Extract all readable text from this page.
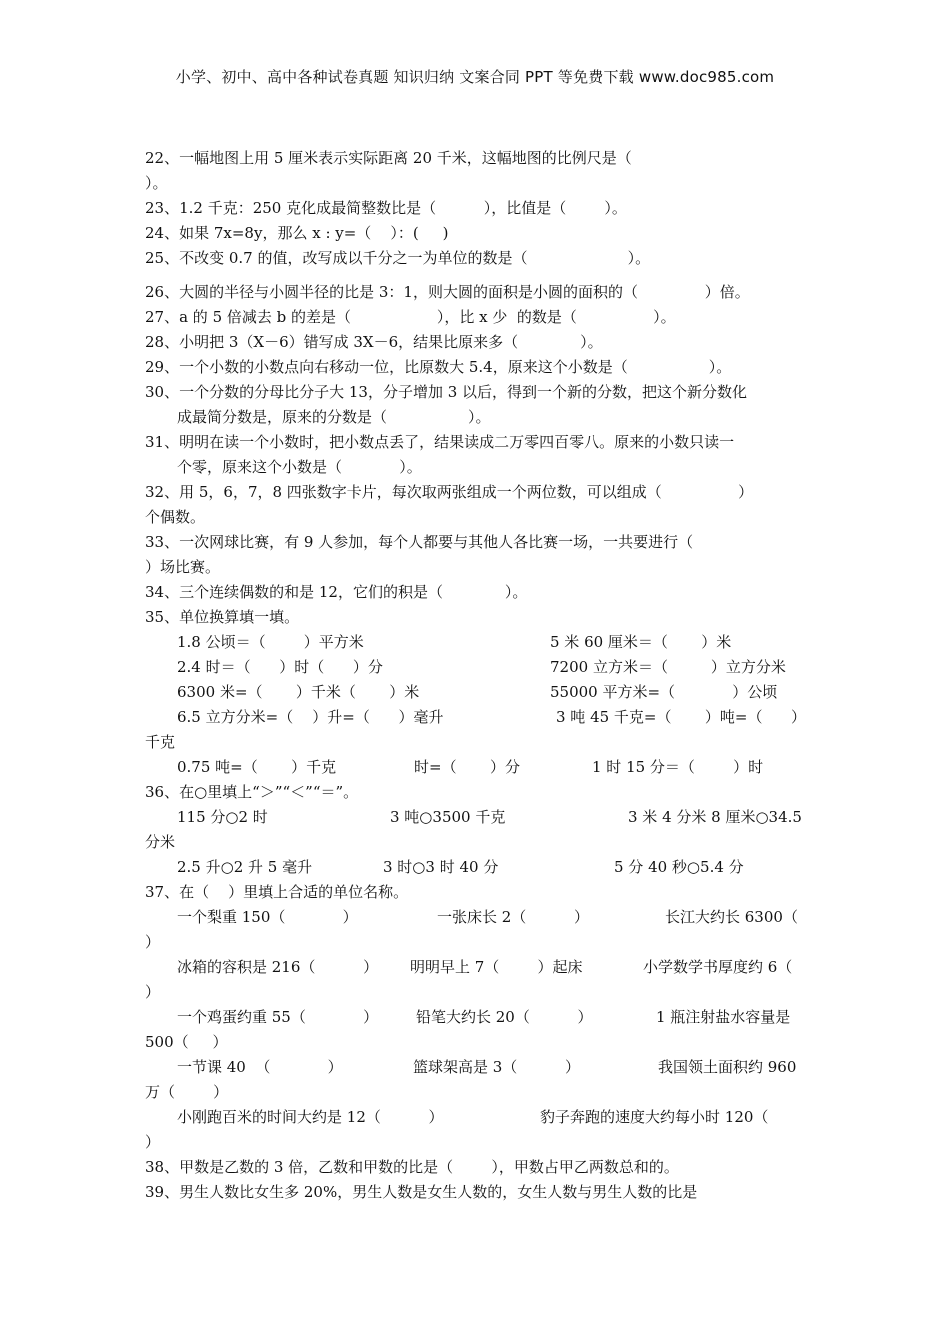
小学、初中、高中各种试卷真题 知识归纳 文案合同 PPT 等免费下载 www.doc985.com
22、一幅地图上用 5 厘米表示实际距离 20 千米，这幅地图的比例尺是（
）。
23、1.2 千克：250 克化成最简整数比是（          ），比值是（        ）。
24、如果 7x=8y，那么 x : y=（    ）：(     )
25、不改变 0.7 的值，改写成以千分之一为单位的数是（                     ）。
26、大圆的半径与小圆半径的比是 3：1，则大圆的面积是小圆的面积的（              ）倍。
27、a 的 5 倍减去 b 的差是（                  ），比 x 少  的数是（                ）。
28、小明把 3（X－6）错写成 3X－6，结果比原来多（             ）。
29、一个小数的小数点向右移动一位，比原数大 5.4，原来这个小数是（                 ）。
30、一个分数的分母比分子大 13，分子增加 3 以后，得到一个新的分数，把这个新分数化
成最简分数是，原来的分数是（                 ）。
31、明明在读一个小数时，把小数点丢了，结果读成二万零四百零八。原来的小数只读一
个零，原来这个小数是（            ）。
32、用 5，6，7，8 四张数字卡片，每次取两张组成一个两位数，可以组成（                ）
个偶数。
33、一次网球比赛，有 9 人参加，每个人都要与其他人各比赛一场，一共要进行（
）场比赛。
34、三个连续偶数的和是 12，它们的积是（             ）。
35、单位换算填一填。
1.8 公顷＝（        ）平方米	5 米 60 厘米＝（       ）米
2.4 时＝（      ）时（      ）分	7200 立方米＝（         ）立方分米
6300 米=（       ）千米（       ）米	55000 平方米=（            ）公顷
6.5 立方分米=（    ）升=（      ）毫升	3 吨 45 千克=（       ）吨=（      ）
千克
0.75 吨=（       ）千克	时=（       ）分	1 时 15 分＝（        ）时
36、在○里填上“＞”“＜”“＝”。
115 分○2 时	3 吨○3500 千克	3 米 4 分米 8 厘米○34.5
分米
2.5 升○2 升 5 毫升	3 时○3 时 40 分	5 分 40 秒○5.4 分
37、在（    ）里填上合适的单位名称。
一个梨重 150（            ）	一张床长 2（          ）	长江大约长 6300（
）
冰箱的容积是 216（          ） 明明早上 7（        ）起床	小学数学书厚度约 6（
）
一个鸡蛋约重 55（            ）	铅笔大约长 20（          ）	1 瓶注射盐水容量是
500（     ）
一节课 40  （            ）	篮球架高是 3（          ）	我国领土面积约 960
万（        ）
小刚跑百米的时间大约是 12（          ）	豹子奔跑的速度大约每小时 120（
）
38、甲数是乙数的 3 倍，乙数和甲数的比是（        ），甲数占甲乙两数总和的。
39、男生人数比女生多 20%，男生人数是女生人数的，女生人数与男生人数的比是
